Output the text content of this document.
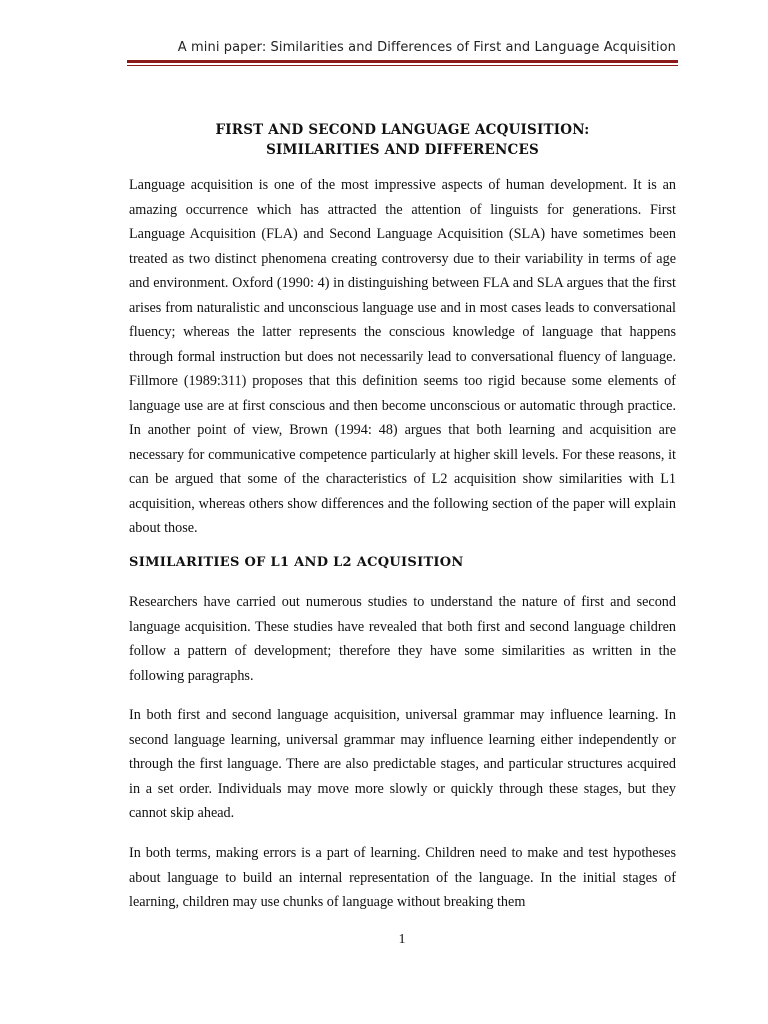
A mini paper: Similarities and Differences of First and Language Acquisition
FIRST AND SECOND LANGUAGE ACQUISITION:
SIMILARITIES AND DIFFERENCES

Language acquisition is one of the most impressive aspects of human development. It is an amazing occurrence which has attracted the attention of linguists for generations. First Language Acquisition (FLA) and Second Language Acquisition (SLA) have sometimes been treated as two distinct phenomena creating controversy due to their variability in terms of age and environment. Oxford (1990: 4) in distinguishing between FLA and SLA argues that the first arises from naturalistic and unconscious language use and in most cases leads to conversational fluency; whereas the latter represents the conscious knowledge of language that happens through formal instruction but does not necessarily lead to conversational fluency of language. Fillmore (1989:311) proposes that this definition seems too rigid because some elements of language use are at first conscious and then become unconscious or automatic through practice. In another point of view, Brown (1994: 48) argues that both learning and acquisition are necessary for communicative competence particularly at higher skill levels. For these reasons, it can be argued that some of the characteristics of L2 acquisition show similarities with L1 acquisition, whereas others show differences and the following section of the paper will explain about those.

SIMILARITIES OF L1 AND L2 ACQUISITION

Researchers have carried out numerous studies to understand the nature of first and second language acquisition. These studies have revealed that both first and second language children follow a pattern of development; therefore they have some similarities as written in the following paragraphs.

In both first and second language acquisition, universal grammar may influence learning. In second language learning, universal grammar may influence learning either independently or through the first language. There are also predictable stages, and particular structures acquired in a set order. Individuals may move more slowly or quickly through these stages, but they cannot skip ahead.

In both terms, making errors is a part of learning. Children need to make and test hypotheses about language to build an internal representation of the language. In the initial stages of learning, children may use chunks of language without breaking them

1
